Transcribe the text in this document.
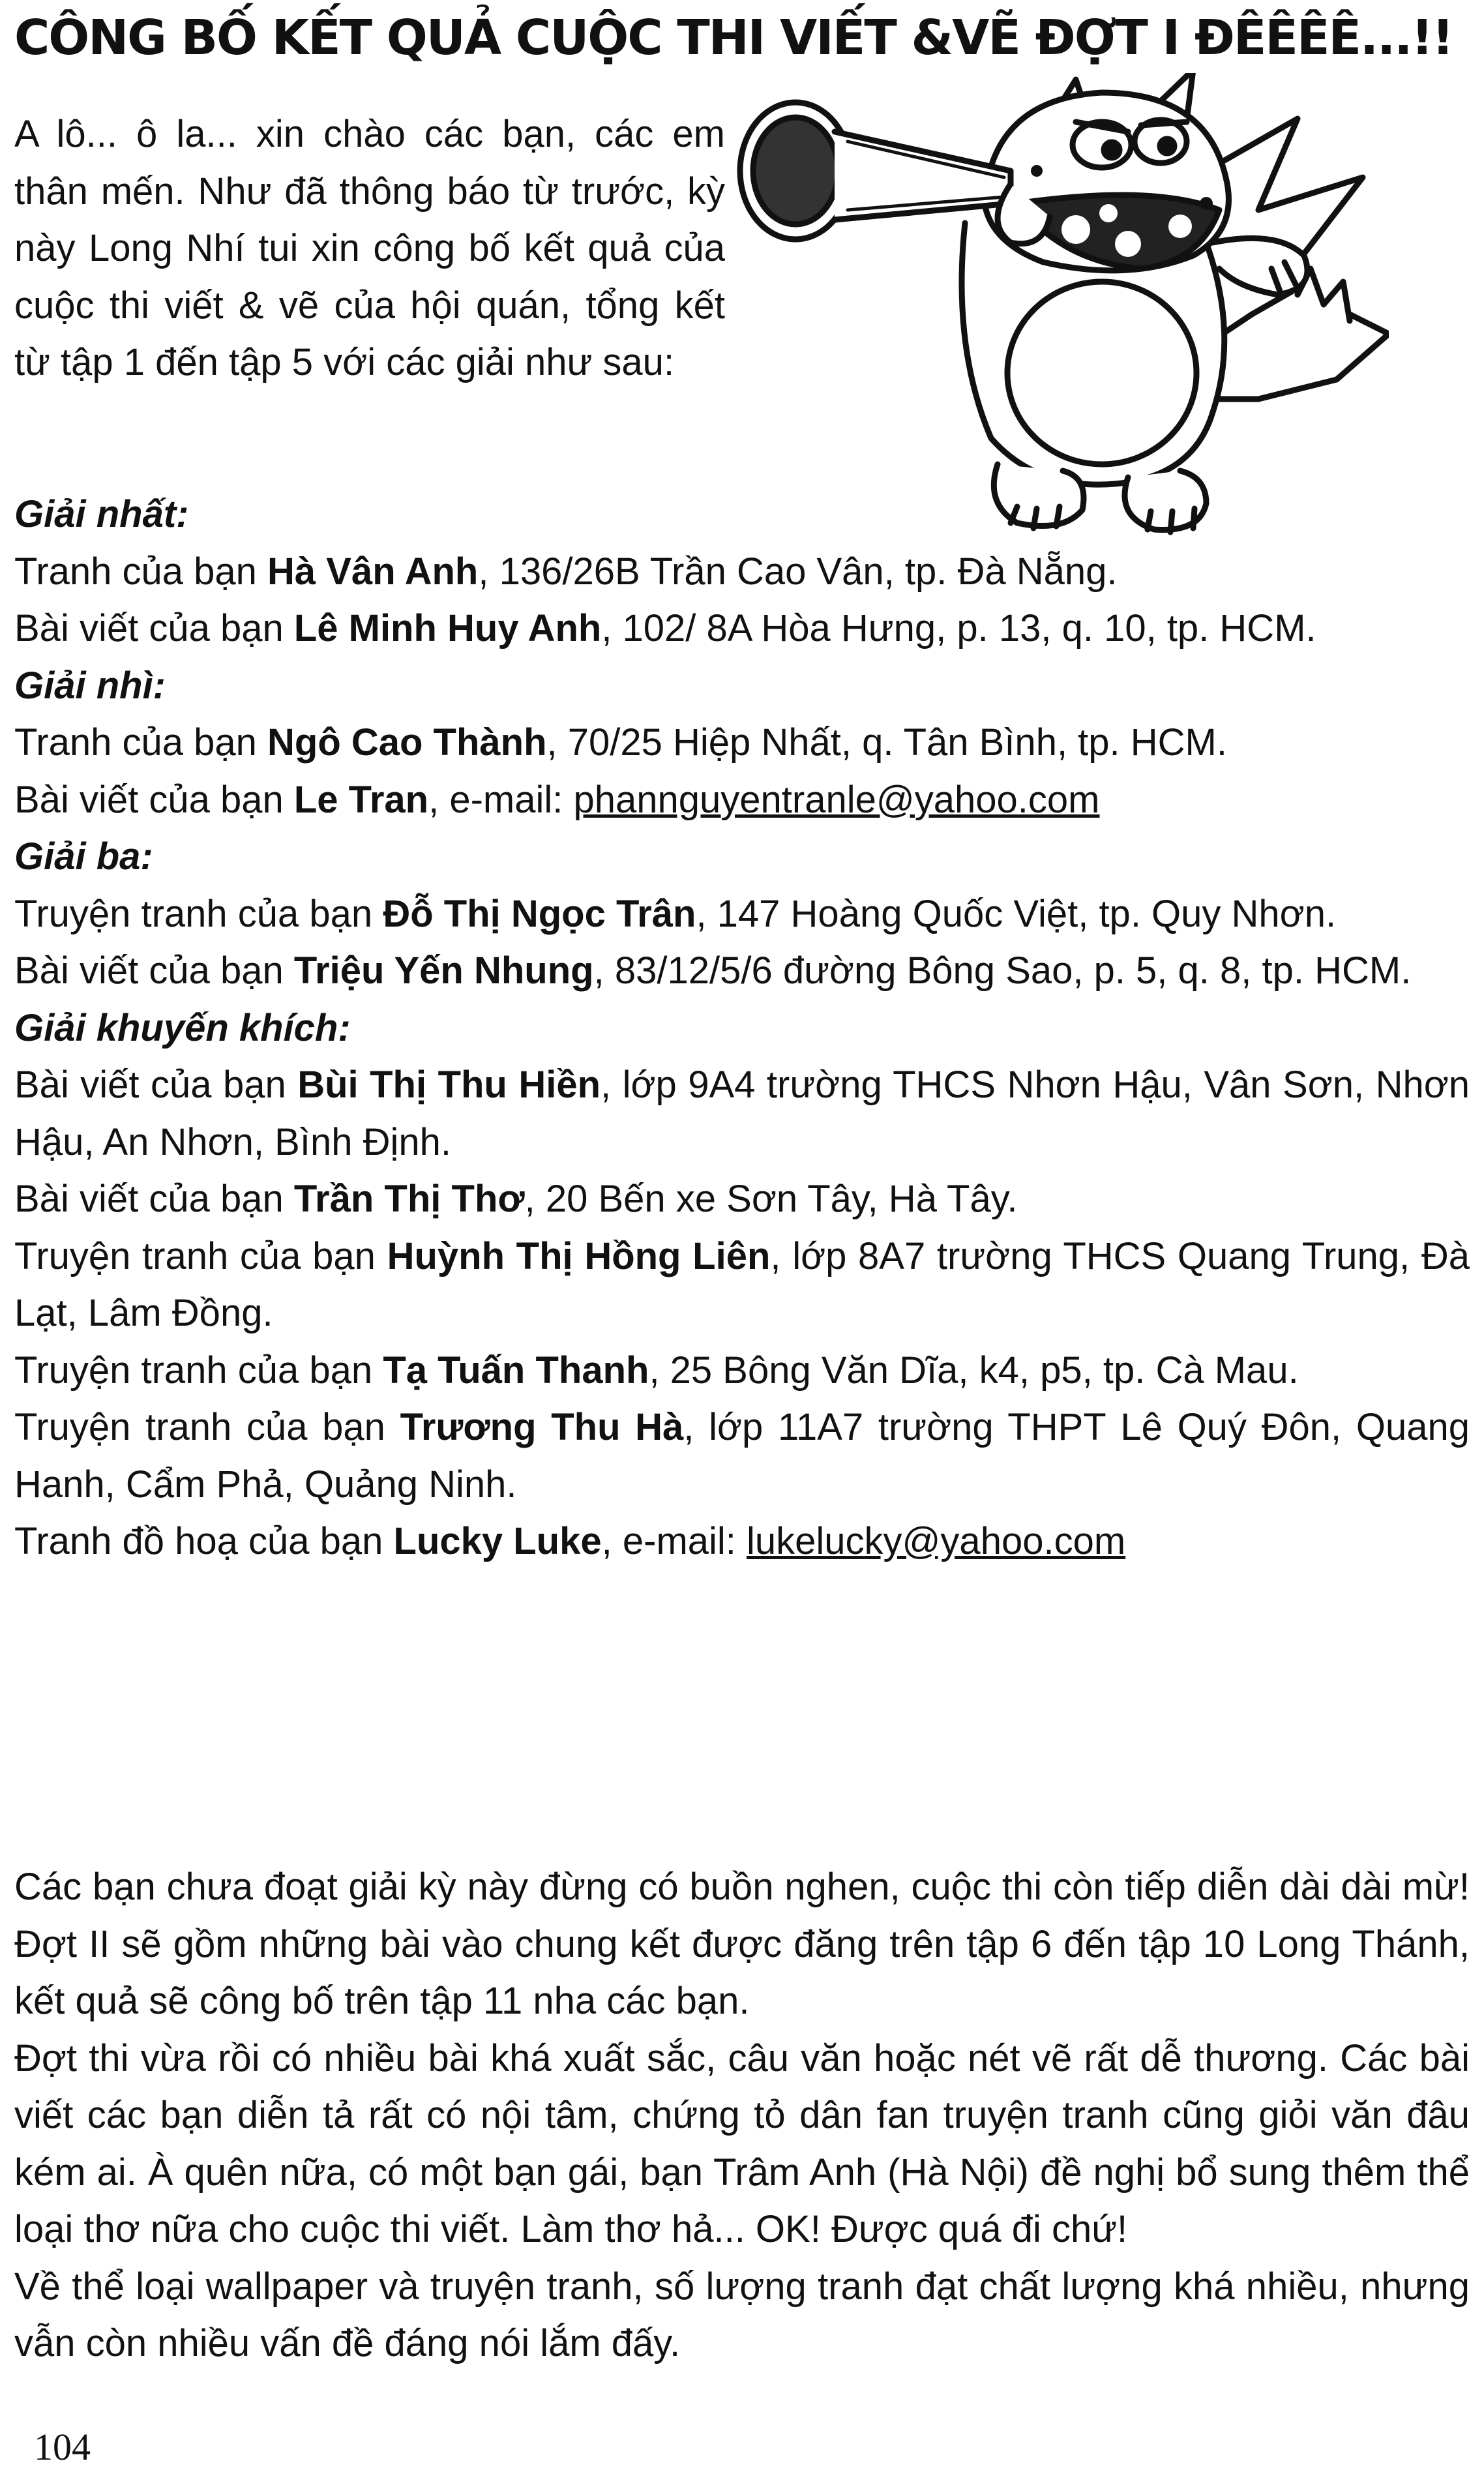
CÔNG BỐ KẾT QUẢ CUỘC THI VIẾT &VẼ ĐỢT I ĐÊÊÊÊ...!!

A lô... ô la... xin chào các bạn, các em thân mến. Như đã thông báo từ trước, kỳ này Long Nhí tui xin công bố kết quả của cuộc thi viết & vẽ của hội quán, tổng kết từ tập 1 đến tập 5 với các giải như sau:

Giải nhất:

Tranh của bạn Hà Vân Anh, 136/26B Trần Cao Vân, tp. Đà Nẵng.

Bài viết của bạn Lê Minh Huy Anh, 102/ 8A Hòa Hưng, p. 13, q. 10, tp. HCM.

Giải nhì:

Tranh của bạn Ngô Cao Thành, 70/25 Hiệp Nhất, q. Tân Bình, tp. HCM.

Bài viết của bạn Le Tran, e-mail: phannguyentranle@yahoo.com

Giải ba:

Truyện tranh của bạn Đỗ Thị Ngọc Trân, 147 Hoàng Quốc Việt, tp. Quy Nhơn.

Bài viết của bạn Triệu Yến Nhung, 83/12/5/6 đường Bông Sao, p. 5, q. 8, tp. HCM.

Giải khuyến khích:

Bài viết của bạn Bùi Thị Thu Hiền, lớp 9A4 trường THCS Nhơn Hậu, Vân Sơn, Nhơn Hậu, An Nhơn, Bình Định.

Bài viết của bạn Trần Thị Thơ, 20 Bến xe Sơn Tây, Hà Tây.

Truyện tranh của bạn Huỳnh Thị Hồng Liên, lớp 8A7 trường THCS Quang Trung, Đà Lạt, Lâm Đồng.

Truyện tranh của bạn Tạ Tuấn Thanh, 25 Bông Văn Dĩa, k4, p5, tp. Cà Mau.

Truyện tranh của bạn Trương Thu Hà, lớp 11A7 trường THPT Lê Quý Đôn, Quang Hanh, Cẩm Phả, Quảng Ninh.

Tranh đồ hoạ của bạn Lucky Luke, e-mail: lukelucky@yahoo.com

Các bạn chưa đoạt giải kỳ này đừng có buồn nghen, cuộc thi còn tiếp diễn dài dài mừ! Đợt II sẽ gồm những bài vào chung kết được đăng trên tập 6 đến tập 10 Long Thánh, kết quả sẽ công bố trên tập 11 nha các bạn.

Đợt thi vừa rồi có nhiều bài khá xuất sắc, câu văn hoặc nét vẽ rất dễ thương. Các bài viết các bạn diễn tả rất có nội tâm, chứng tỏ dân fan truyện tranh cũng giỏi văn đâu kém ai. À quên nữa, có một bạn gái, bạn Trâm Anh (Hà Nội) đề nghị bổ sung thêm thể loại thơ nữa cho cuộc thi viết. Làm thơ hả... OK! Được quá đi chứ!

Về thể loại wallpaper và truyện tranh, số lượng tranh đạt chất lượng khá nhiều, nhưng vẫn còn nhiều vấn đề đáng nói lắm đấy.

104
